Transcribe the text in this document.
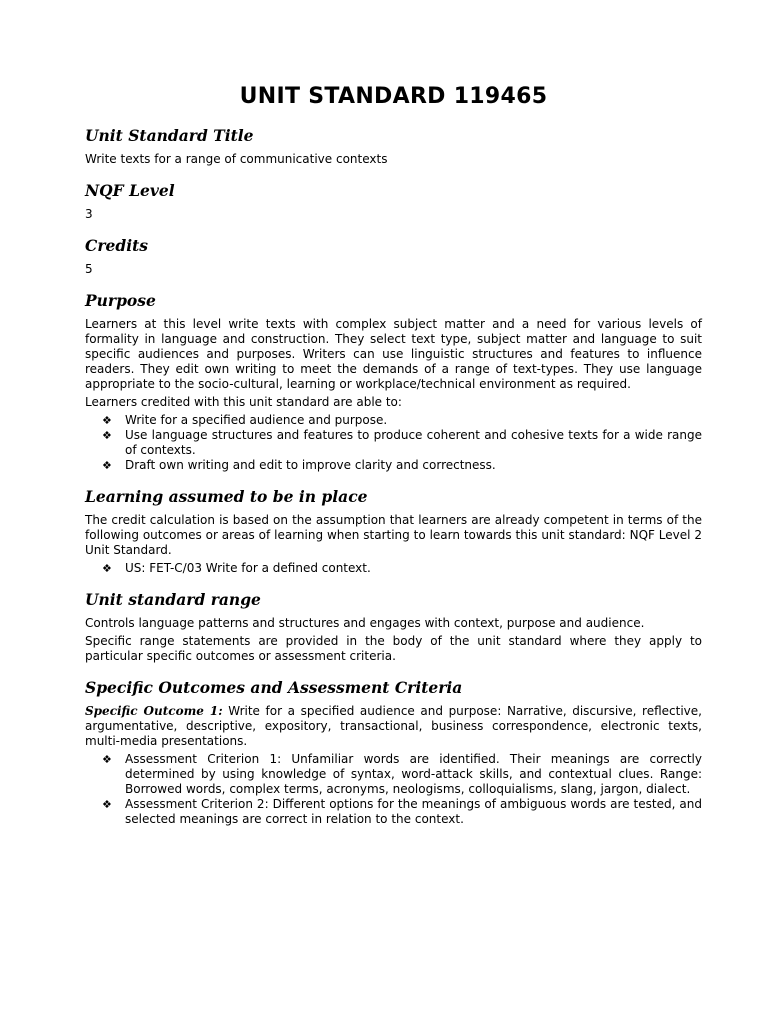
UNIT STANDARD 119465
Unit Standard Title

Write texts for a range of communicative contexts

NQF Level

3

Credits

5

Purpose

Learners at this level write texts with complex subject matter and a need for various levels of formality in language and construction. They select text type, subject matter and language to suit specific audiences and purposes. Writers can use linguistic structures and features to influence readers. They edit own writing to meet the demands of a range of text-types. They use language appropriate to the socio-cultural, learning or workplace/technical environment as required.

Learners credited with this unit standard are able to:

❖ Write for a specified audience and purpose.
❖ Use language structures and features to produce coherent and cohesive texts for a wide range of contexts.
❖ Draft own writing and edit to improve clarity and correctness.
Learning assumed to be in place

The credit calculation is based on the assumption that learners are already competent in terms of the following outcomes or areas of learning when starting to learn towards this unit standard: NQF Level 2 Unit Standard.

❖ US: FET-C/03 Write for a defined context.
Unit standard range

Controls language patterns and structures and engages with context, purpose and audience.

Specific range statements are provided in the body of the unit standard where they apply to particular specific outcomes or assessment criteria.

Specific Outcomes and Assessment Criteria

Specific Outcome 1: Write for a specified audience and purpose: Narrative, discursive, reflective, argumentative, descriptive, expository, transactional, business correspondence, electronic texts, multi-media presentations.

❖ Assessment Criterion 1: Unfamiliar words are identified. Their meanings are correctly determined by using knowledge of syntax, word-attack skills, and contextual clues. Range: Borrowed words, complex terms, acronyms, neologisms, colloquialisms, slang, jargon, dialect.
❖ Assessment Criterion 2: Different options for the meanings of ambiguous words are tested, and selected meanings are correct in relation to the context.
